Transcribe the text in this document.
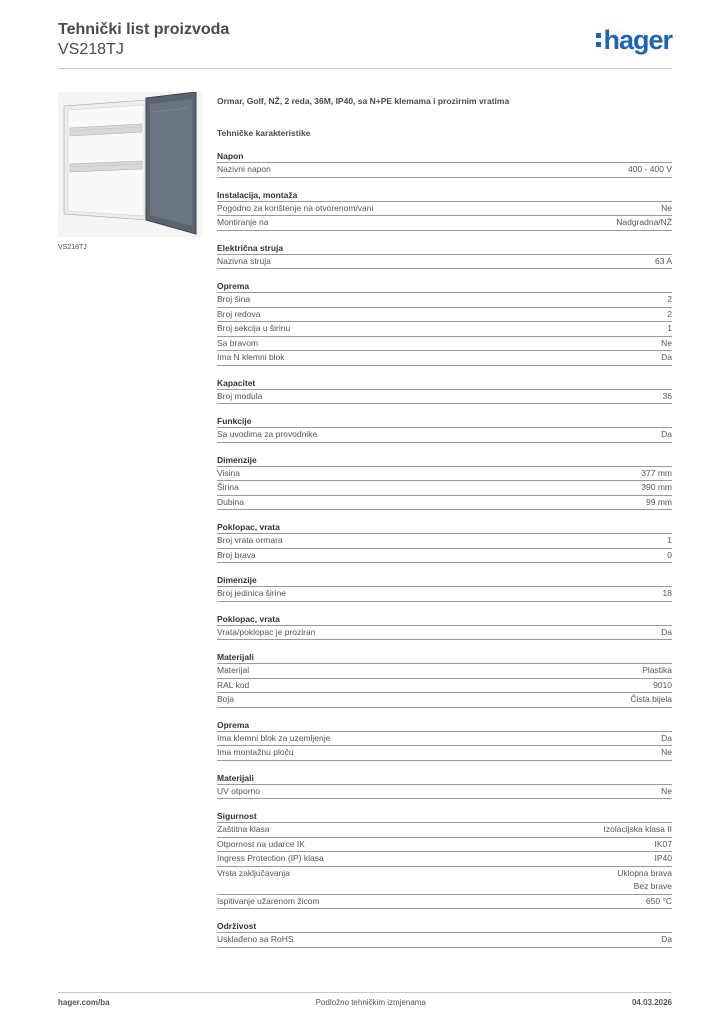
Tehnički list proizvoda
VS218TJ	hager
VS218TJ
Ormar, Golf, NŽ, 2 reda, 36M, IP40, sa N+PE klemama i prozirnim vratima
Tehničke karakteristike
Napon
Nazivni napon	400 - 400 V
Instalacija, montaža
Pogodno za korištenje na otvorenom/vani	Ne
Montiranje na	Nadgradna/NŽ
Električna struja
Nazivna struja	63 A
Oprema
Broj šina	2
Broj redova	2
Broj sekcija u širinu	1
Sa bravom	Ne
Ima N klemni blok	Da
Kapacitet
Broj modula	36
Funkcije
Sa uvodima za provodnike	Da
Dimenzije
Visina	377 mm
Širina	390 mm
Dubina	99 mm
Poklopac, vrata
Broj vrata ormara	1
Broj brava	0
Dimenzije
Broj jedinica širine	18
Poklopac, vrata
Vrata/poklopac je proziran	Da
Materijali
Materijal	Plastika
RAL kod	9010
Boja	Čista bijela
Oprema
Ima klemni blok za uzemljenje	Da
Ima montažnu ploču	Ne
Materijali
UV otporno	Ne
Sigurnost
Zaštitna klasa	Izolacijska klasa II
Otpornost na udarce IK	IK07
Ingress Protection (IP) klasa	IP40
Vrsta zaključavanja	Uklopna brava
Bez brave
Ispitivanje užarenom žicom	650 °C
Održivost
Usklađeno sa RoHS	Da
hager.com/ba	Podložno tehničkim izmjenama	04.03.2026
